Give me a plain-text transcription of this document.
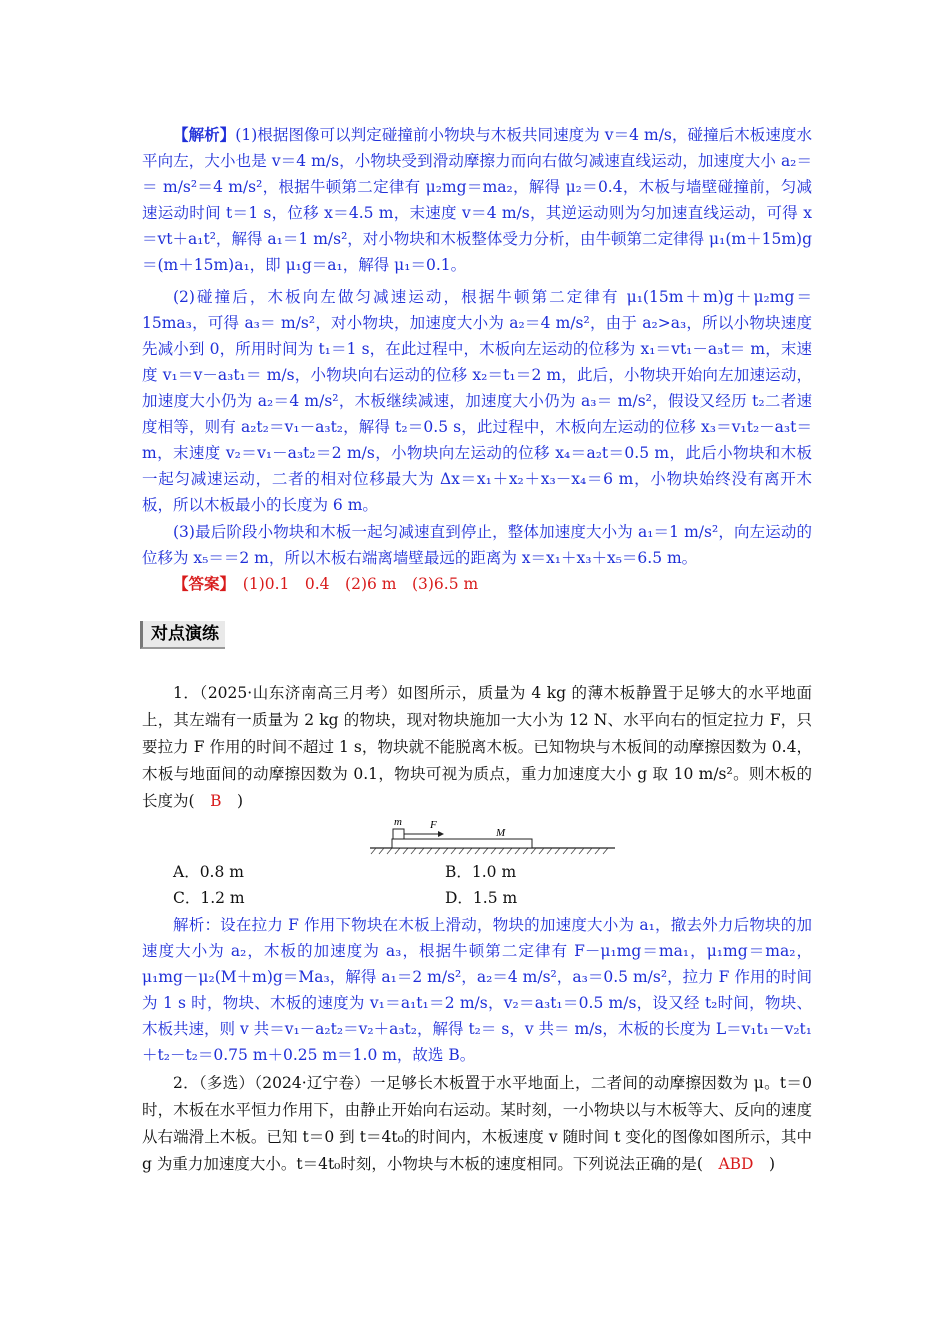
【解析】(1)根据图像可以判定碰撞前小物块与木板共同速度为 v＝4 m/s，碰撞后木板速度水平向左，大小也是 v＝4 m/s，小物块受到滑动摩擦力而向右做匀减速直线运动，加速度大小 a₂＝＝ m/s²＝4 m/s²，根据牛顿第二定律有 μ₂mg＝ma₂，解得 μ₂＝0.4，木板与墙壁碰撞前，匀减速运动时间 t＝1 s，位移 x＝4.5 m，末速度 v＝4 m/s，其逆运动则为匀加速直线运动，可得 x＝vt＋a₁t²，解得 a₁＝1 m/s²，对小物块和木板整体受力分析，由牛顿第二定律得 μ₁(m＋15m)g＝(m＋15m)a₁，即 μ₁g＝a₁，解得 μ₁＝0.1。
(2)碰撞后，木板向左做匀减速运动，根据牛顿第二定律有 μ₁(15m＋m)g＋μ₂mg＝15ma₃，可得 a₃＝ m/s²，对小物块，加速度大小为 a₂＝4 m/s²，由于 a₂>a₃，所以小物块速度先减小到 0，所用时间为 t₁＝1 s，在此过程中，木板向左运动的位移为 x₁＝vt₁－a₃t＝ m，末速度 v₁＝v－a₃t₁＝ m/s，小物块向右运动的位移 x₂＝t₁＝2 m，此后，小物块开始向左加速运动，加速度大小仍为 a₂＝4 m/s²，木板继续减速，加速度大小仍为 a₃＝ m/s²，假设又经历 t₂二者速度相等，则有 a₂t₂＝v₁－a₃t₂，解得 t₂＝0.5 s，此过程中，木板向左运动的位移 x₃＝v₁t₂－a₃t＝ m，末速度 v₂＝v₁－a₃t₂＝2 m/s，小物块向左运动的位移 x₄＝a₂t＝0.5 m，此后小物块和木板一起匀减速运动，二者的相对位移最大为 Δx＝x₁＋x₂＋x₃－x₄＝6 m，小物块始终没有离开木板，所以木板最小的长度为 6 m。
(3)最后阶段小物块和木板一起匀减速直到停止，整体加速度大小为 a₁＝1 m/s²，向左运动的位移为 x₅＝＝2 m，所以木板右端离墙壁最远的距离为 x＝x₁＋x₃＋x₅＝6.5 m。
【答案】　 (1)0.1　0.4　(2)6 m　(3)6.5 m
对点演练
1．（2025·山东济南高三月考）如图所示，质量为 4 kg 的薄木板静置于足够大的水平地面上，其左端有一质量为 2 kg 的物块，现对物块施加一大小为 12 N、水平向右的恒定拉力 F，只要拉力 F 作用的时间不超过 1 s，物块就不能脱离木板。已知物块与木板间的动摩擦因数为 0.4，木板与地面间的动摩擦因数为 0.1，物块可视为质点，重力加速度大小 g 取 10 m/s²。则木板的长度为(　 B　 )
m	F
M
A．0.8 m	B．1.0 m
C．1.2 m	D．1.5 m
解析：设在拉力 F 作用下物块在木板上滑动，物块的加速度大小为 a₁，撤去外力后物块的加速度大小为 a₂，木板的加速度为 a₃，根据牛顿第二定律有 F－μ₁mg＝ma₁，μ₁mg＝ma₂，μ₁mg－μ₂(M＋m)g＝Ma₃，解得 a₁＝2 m/s²，a₂＝4 m/s²，a₃＝0.5 m/s²，拉力 F 作用的时间为 1 s 时，物块、木板的速度为 v₁＝a₁t₁＝2 m/s，v₂＝a₃t₁＝0.5 m/s，设又经 t₂时间，物块、木板共速，则 v 共＝v₁－a₂t₂＝v₂＋a₃t₂，解得 t₂＝ s，v 共＝ m/s，木板的长度为 L＝v₁t₁－v₂t₁＋t₂－t₂＝0.75 m＋0.25 m＝1.0 m，故选 B。
2．（多选）（2024·辽宁卷）一足够长木板置于水平地面上，二者间的动摩擦因数为 μ。t＝0 时，木板在水平恒力作用下，由静止开始向右运动。某时刻，一小物块以与木板等大、反向的速度从右端滑上木板。已知 t＝0 到 t＝4t₀的时间内，木板速度 v 随时间 t 变化的图像如图所示，其中 g 为重力加速度大小。t＝4t₀时刻，小物块与木板的速度相同。下列说法正确的是(　 ABD　 )
